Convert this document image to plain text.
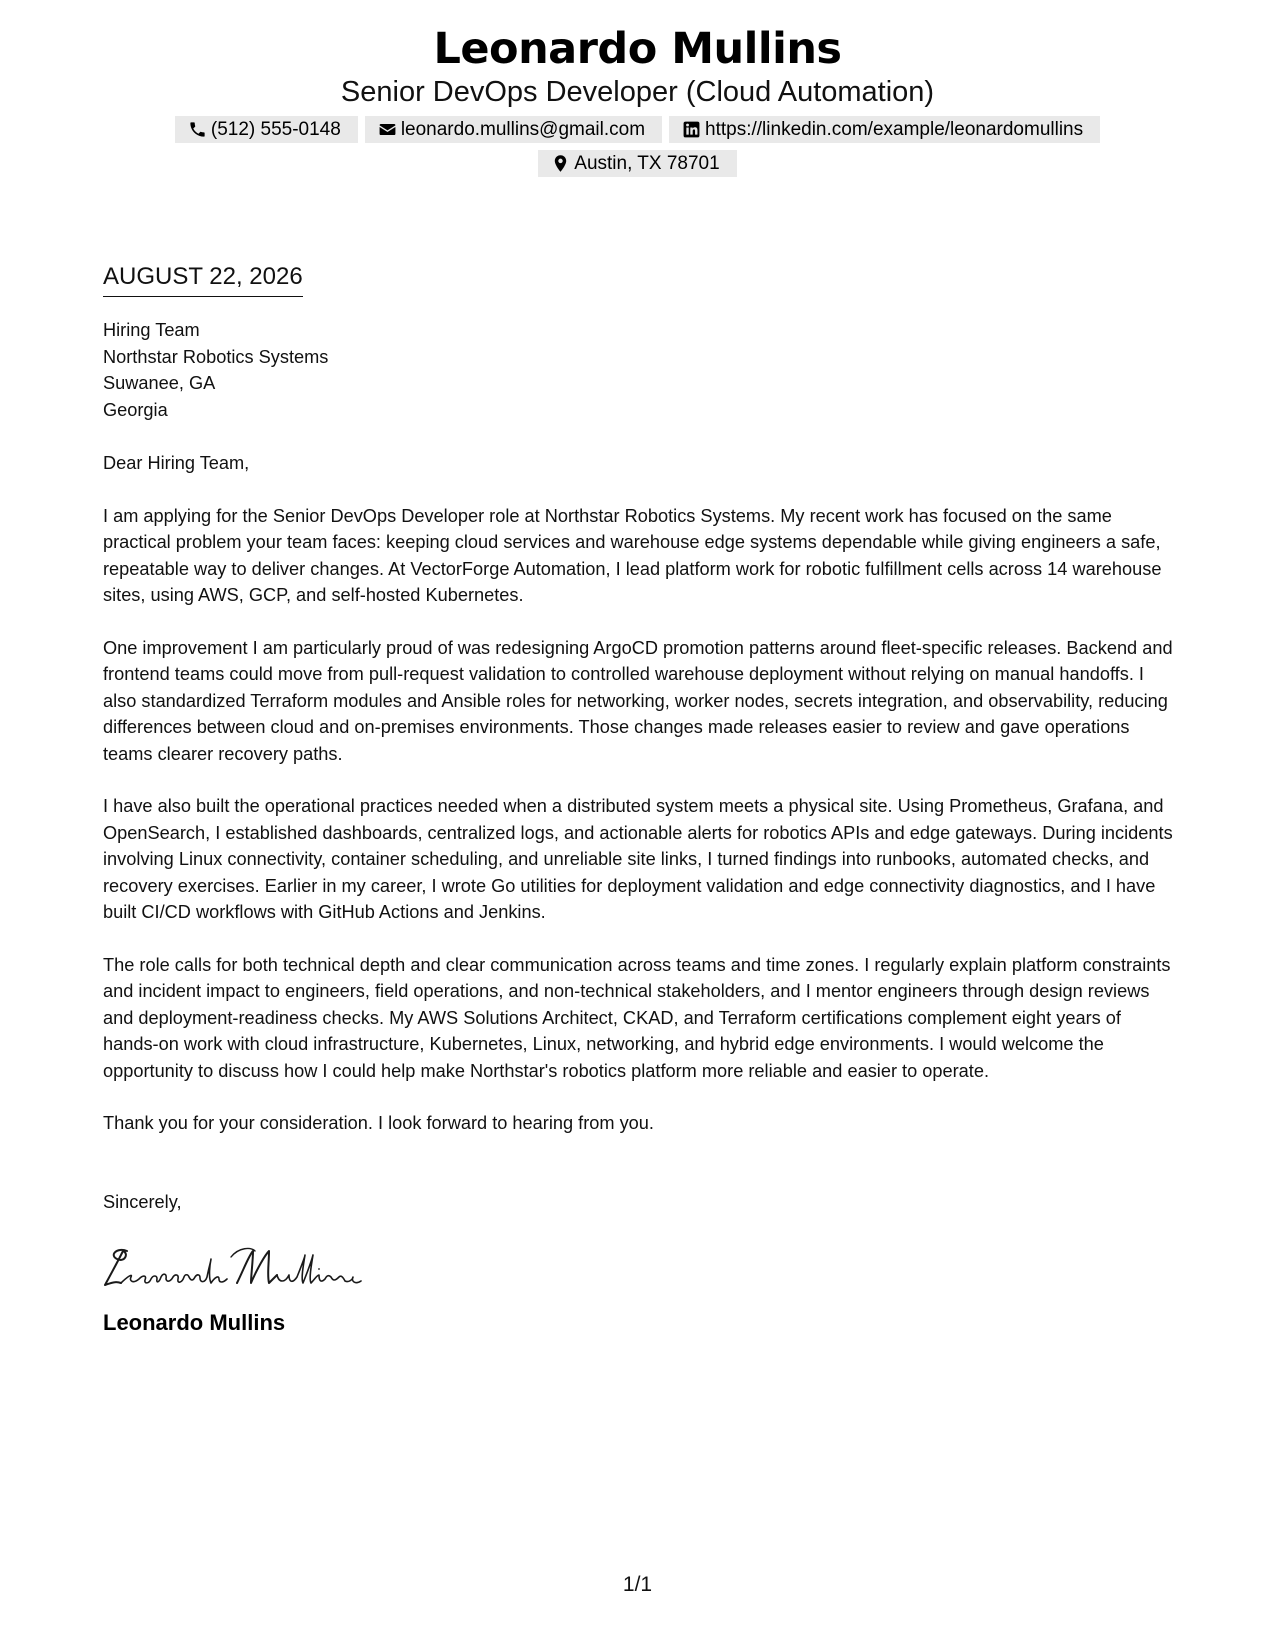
Leonardo Mullins
Senior DevOps Developer (Cloud Automation)
(512) 555-0148	leonardo.mullins@gmail.com	https://linkedin.com/example/leonardomullins
Austin, TX 78701
AUGUST 22, 2026
Hiring Team
Northstar Robotics Systems
Suwanee, GA
Georgia
Dear Hiring Team,

I am applying for the Senior DevOps Developer role at Northstar Robotics Systems. My recent work has focused on the same practical problem your team faces: keeping cloud services and warehouse edge systems dependable while giving engineers a safe, repeatable way to deliver changes. At VectorForge Automation, I lead platform work for robotic fulfillment cells across 14 warehouse sites, using AWS, GCP, and self-hosted Kubernetes.

One improvement I am particularly proud of was redesigning ArgoCD promotion patterns around fleet-specific releases. Backend and frontend teams could move from pull-request validation to controlled warehouse deployment without relying on manual handoffs. I also standardized Terraform modules and Ansible roles for networking, worker nodes, secrets integration, and observability, reducing differences between cloud and on-premises environments. Those changes made releases easier to review and gave operations teams clearer recovery paths.

I have also built the operational practices needed when a distributed system meets a physical site. Using Prometheus, Grafana, and OpenSearch, I established dashboards, centralized logs, and actionable alerts for robotics APIs and edge gateways. During incidents involving Linux connectivity, container scheduling, and unreliable site links, I turned findings into runbooks, automated checks, and recovery exercises. Earlier in my career, I wrote Go utilities for deployment validation and edge connectivity diagnostics, and I have built CI/CD workflows with GitHub Actions and Jenkins.

The role calls for both technical depth and clear communication across teams and time zones. I regularly explain platform constraints and incident impact to engineers, field operations, and non-technical stakeholders, and I mentor engineers through design reviews and deployment-readiness checks. My AWS Solutions Architect, CKAD, and Terraform certifications complement eight years of hands-on work with cloud infrastructure, Kubernetes, Linux, networking, and hybrid edge environments. I would welcome the opportunity to discuss how I could help make Northstar's robotics platform more reliable and easier to operate.

Thank you for your consideration. I look forward to hearing from you.

Sincerely,
Leonardo Mullins
1/1
